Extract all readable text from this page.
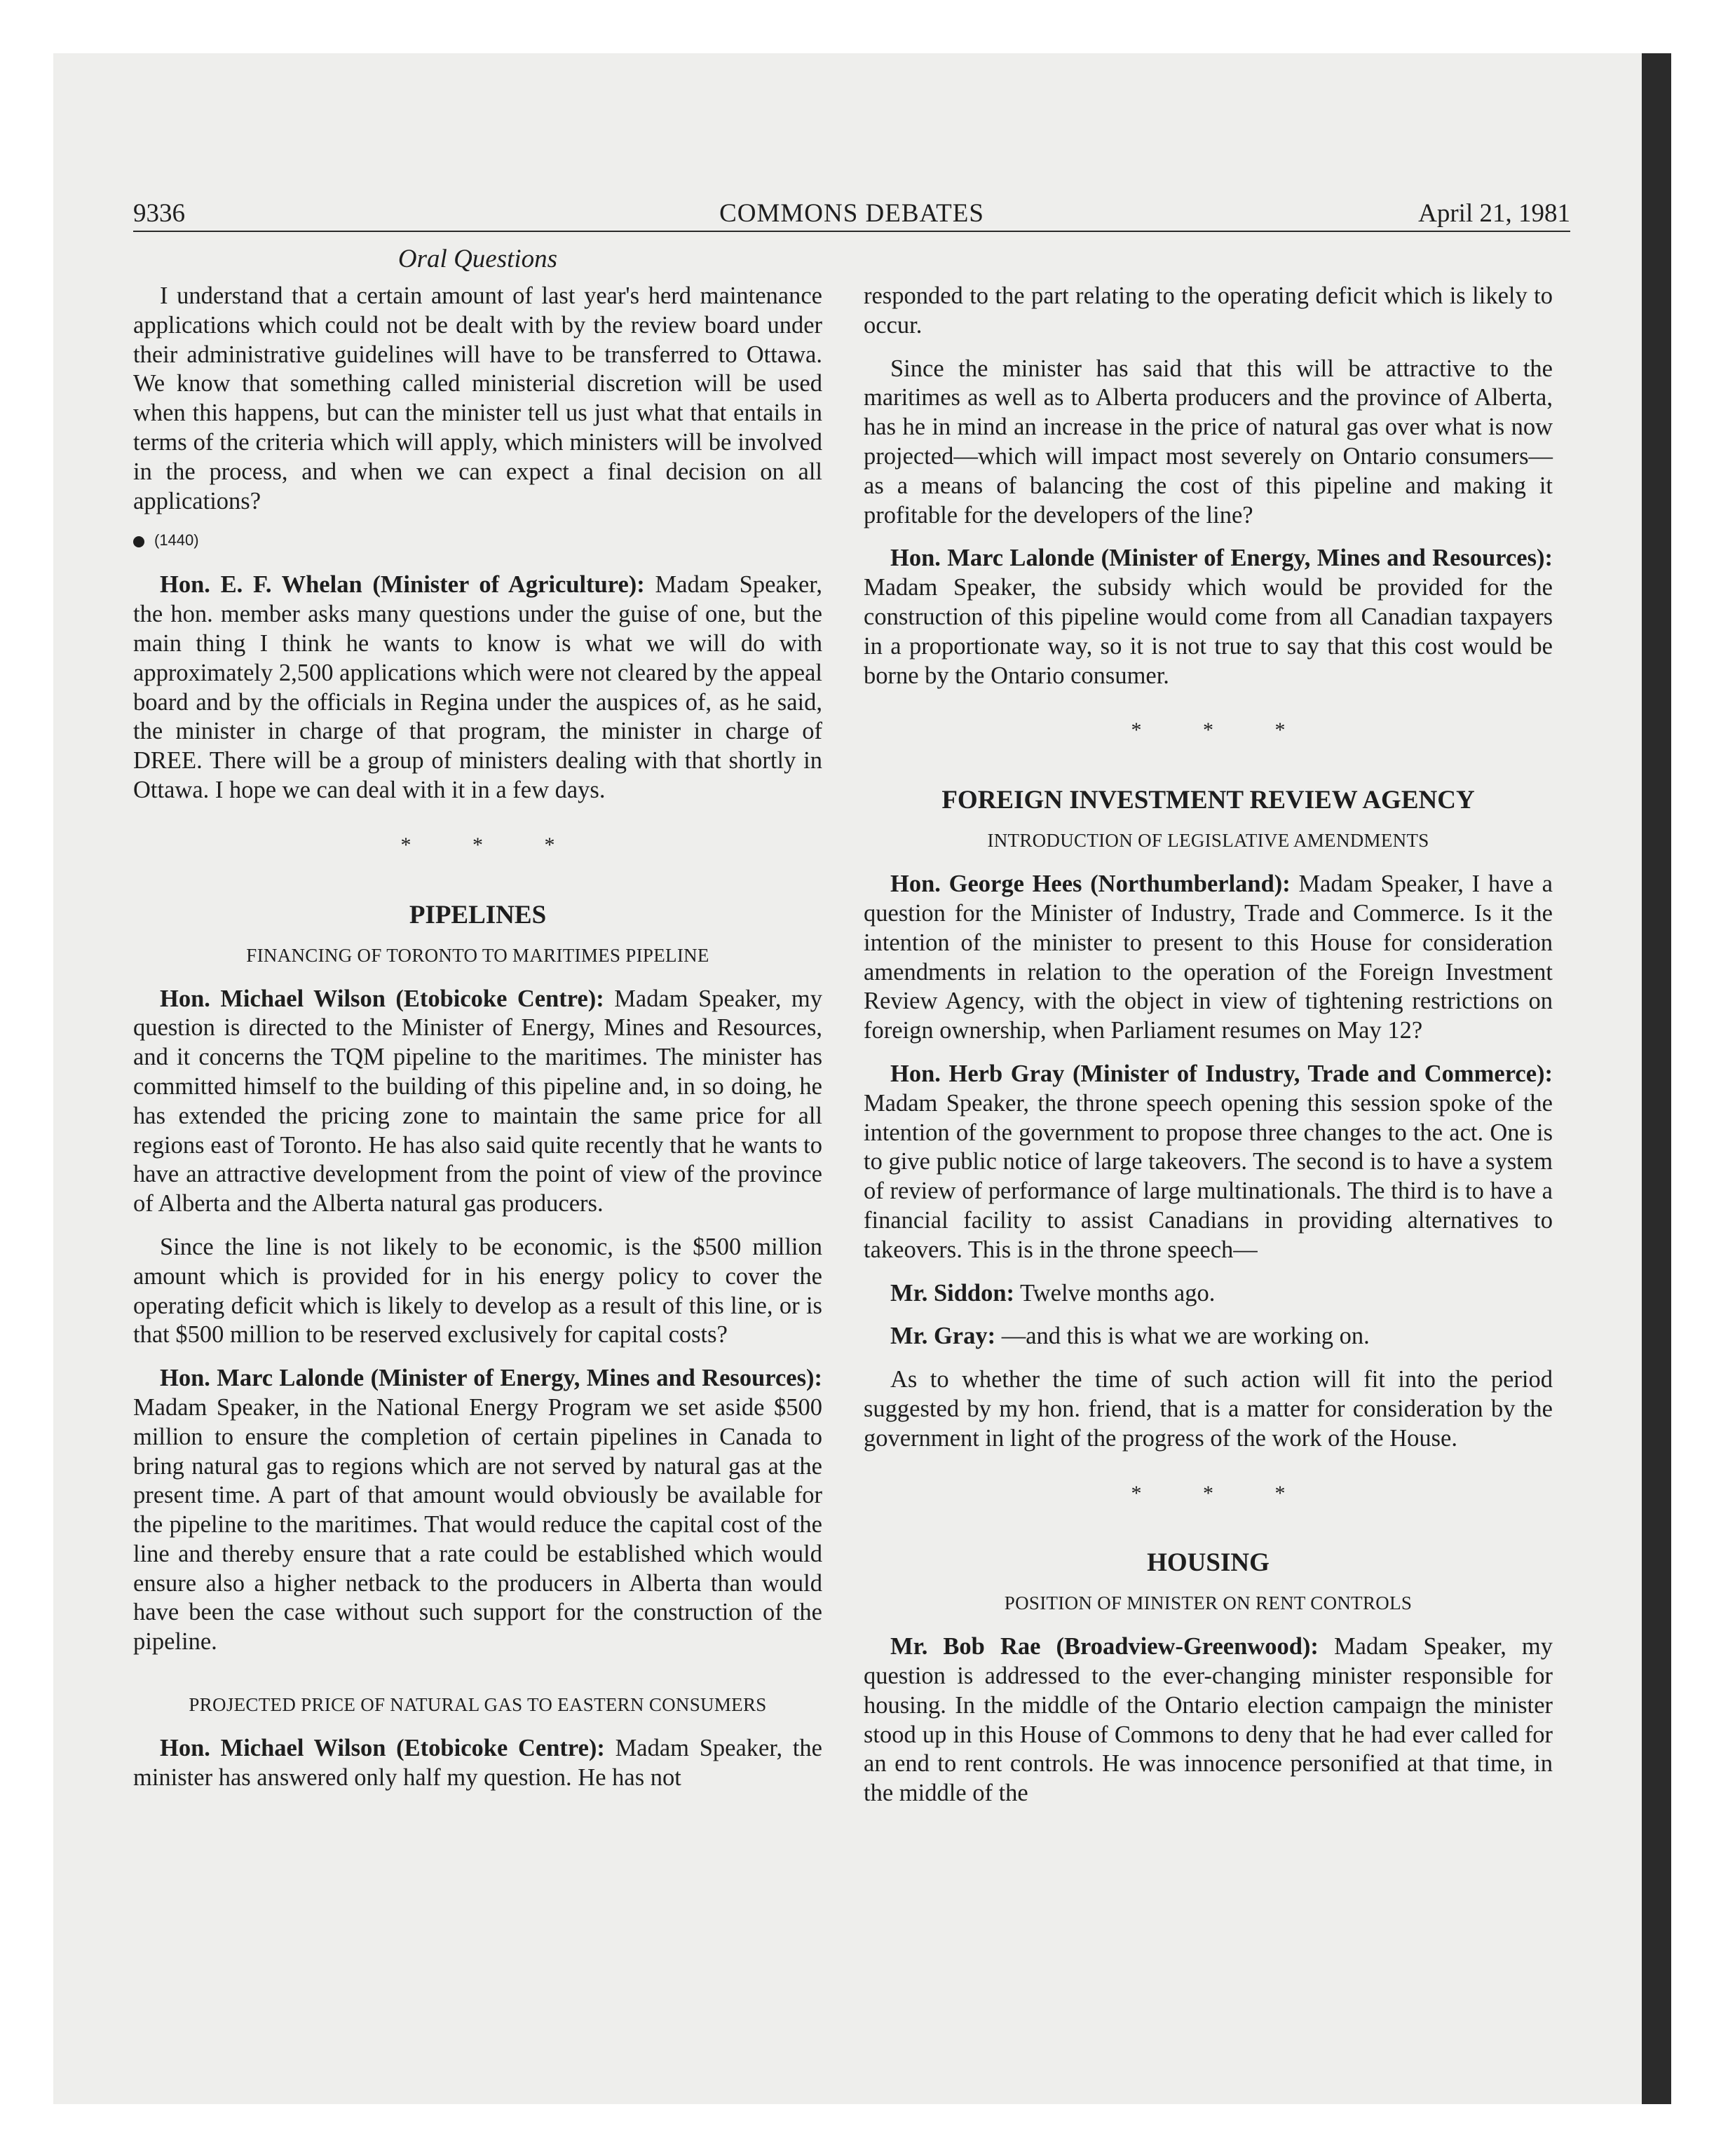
9336	COMMONS DEBATES	April 21, 1981
Oral Questions

I understand that a certain amount of last year's herd maintenance applications which could not be dealt with by the review board under their administrative guidelines will have to be transferred to Ottawa. We know that something called ministerial discretion will be used when this happens, but can the minister tell us just what that entails in terms of the criteria which will apply, which ministers will be involved in the process, and when we can expect a final decision on all applications?

(1440)

Hon. E. F. Whelan (Minister of Agriculture): Madam Speaker, the hon. member asks many questions under the guise of one, but the main thing I think he wants to know is what we will do with approximately 2,500 applications which were not cleared by the appeal board and by the officials in Regina under the auspices of, as he said, the minister in charge of that program, the minister in charge of DREE. There will be a group of ministers dealing with that shortly in Ottawa. I hope we can deal with it in a few days.

* * *
PIPELINES
FINANCING OF TORONTO TO MARITIMES PIPELINE

Hon. Michael Wilson (Etobicoke Centre): Madam Speaker, my question is directed to the Minister of Energy, Mines and Resources, and it concerns the TQM pipeline to the maritimes. The minister has committed himself to the building of this pipeline and, in so doing, he has extended the pricing zone to maintain the same price for all regions east of Toronto. He has also said quite recently that he wants to have an attractive development from the point of view of the province of Alberta and the Alberta natural gas producers.

Since the line is not likely to be economic, is the $500 million amount which is provided for in his energy policy to cover the operating deficit which is likely to develop as a result of this line, or is that $500 million to be reserved exclusively for capital costs?

Hon. Marc Lalonde (Minister of Energy, Mines and Resources): Madam Speaker, in the National Energy Program we set aside $500 million to ensure the completion of certain pipelines in Canada to bring natural gas to regions which are not served by natural gas at the present time. A part of that amount would obviously be available for the pipeline to the maritimes. That would reduce the capital cost of the line and thereby ensure that a rate could be established which would ensure also a higher netback to the producers in Alberta than would have been the case without such support for the construction of the pipeline.

PROJECTED PRICE OF NATURAL GAS TO EASTERN CONSUMERS

Hon. Michael Wilson (Etobicoke Centre): Madam Speaker, the minister has answered only half my question. He has not

responded to the part relating to the operating deficit which is likely to occur.

Since the minister has said that this will be attractive to the maritimes as well as to Alberta producers and the province of Alberta, has he in mind an increase in the price of natural gas over what is now projected—which will impact most severely on Ontario consumers—as a means of balancing the cost of this pipeline and making it profitable for the developers of the line?

Hon. Marc Lalonde (Minister of Energy, Mines and Resources): Madam Speaker, the subsidy which would be provided for the construction of this pipeline would come from all Canadian taxpayers in a proportionate way, so it is not true to say that this cost would be borne by the Ontario consumer.

* * *
FOREIGN INVESTMENT REVIEW AGENCY
INTRODUCTION OF LEGISLATIVE AMENDMENTS

Hon. George Hees (Northumberland): Madam Speaker, I have a question for the Minister of Industry, Trade and Commerce. Is it the intention of the minister to present to this House for consideration amendments in relation to the operation of the Foreign Investment Review Agency, with the object in view of tightening restrictions on foreign ownership, when Parliament resumes on May 12?

Hon. Herb Gray (Minister of Industry, Trade and Commerce): Madam Speaker, the throne speech opening this session spoke of the intention of the government to propose three changes to the act. One is to give public notice of large takeovers. The second is to have a system of review of performance of large multinationals. The third is to have a financial facility to assist Canadians in providing alternatives to takeovers. This is in the throne speech—

Mr. Siddon: Twelve months ago.

Mr. Gray: —and this is what we are working on.

As to whether the time of such action will fit into the period suggested by my hon. friend, that is a matter for consideration by the government in light of the progress of the work of the House.

* * *
HOUSING
POSITION OF MINISTER ON RENT CONTROLS

Mr. Bob Rae (Broadview-Greenwood): Madam Speaker, my question is addressed to the ever-changing minister responsible for housing. In the middle of the Ontario election campaign the minister stood up in this House of Commons to deny that he had ever called for an end to rent controls. He was innocence personified at that time, in the middle of the
